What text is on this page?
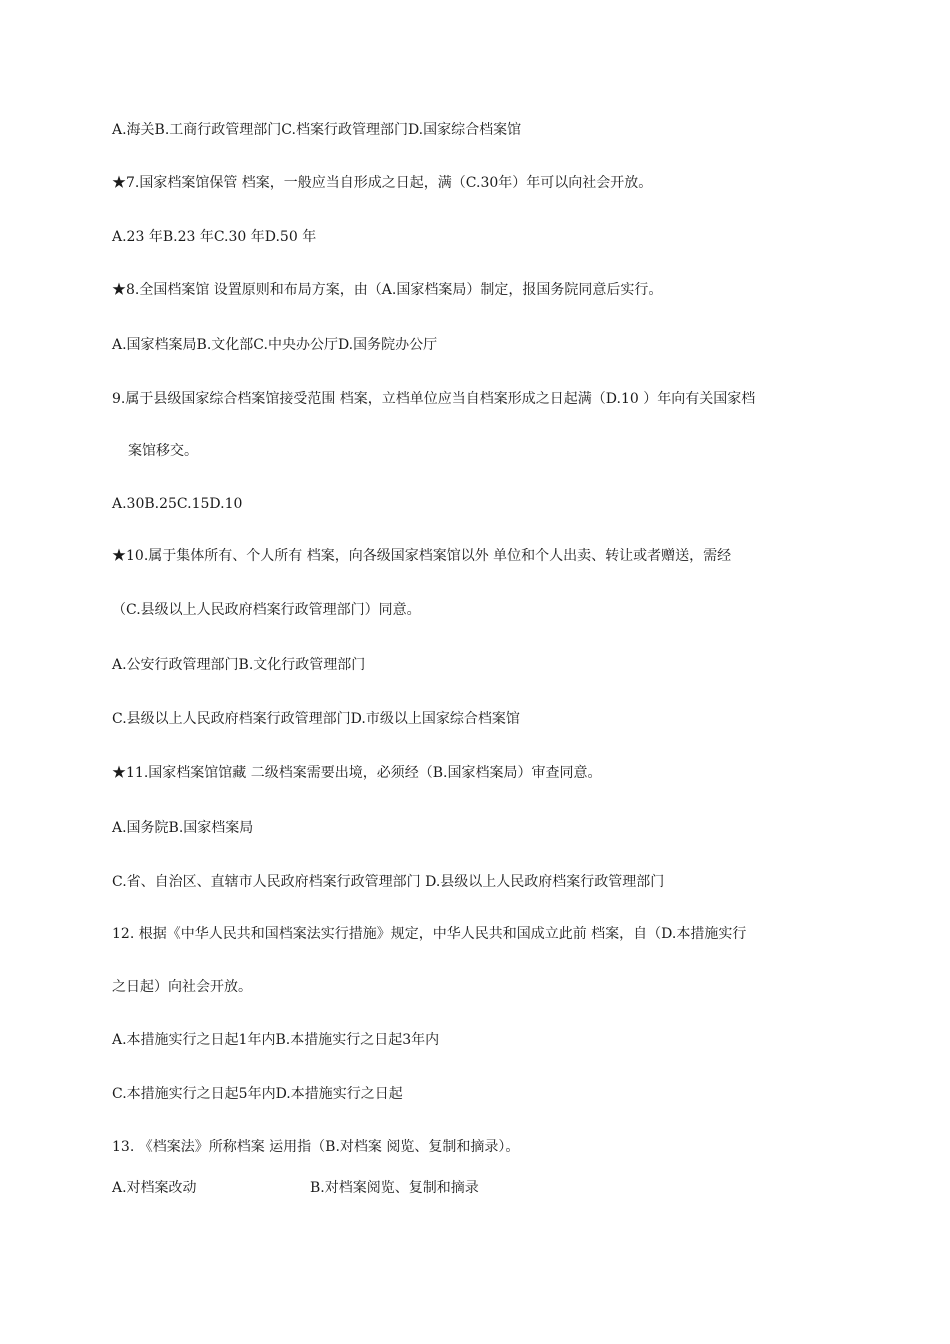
A.海关B.工商行政管理部门C.档案行政管理部门D.国家综合档案馆
★7.国家档案馆保管 档案，一般应当自形成之日起，满（C.30年）年可以向社会开放。
A.23 年B.23 年C.30 年D.50 年
★8.全国档案馆 设置原则和布局方案，由（A.国家档案局）制定，报国务院同意后实行。
A.国家档案局B.文化部C.中央办公厅D.国务院办公厅
9.属于县级国家综合档案馆接受范围 档案，立档单位应当自档案形成之日起满（D.10 ）年向有关国家档
案馆移交。
A.30B.25C.15D.10
★10.属于集体所有、个人所有 档案，向各级国家档案馆以外 单位和个人出卖、转让或者赠送，需经
（C.县级以上人民政府档案行政管理部门）同意。
A.公安行政管理部门B.文化行政管理部门
C.县级以上人民政府档案行政管理部门D.市级以上国家综合档案馆
★11.国家档案馆馆藏 二级档案需要出境，必须经（B.国家档案局）审查同意。
A.国务院B.国家档案局
C.省、自治区、直辖市人民政府档案行政管理部门 D.县级以上人民政府档案行政管理部门
12. 根据《中华人民共和国档案法实行措施》规定，中华人民共和国成立此前 档案，自（D.本措施实行
之日起）向社会开放。
A.本措施实行之日起1年内B.本措施实行之日起3年内
C.本措施实行之日起5年内D.本措施实行之日起
13. 《档案法》所称档案 运用指（B.对档案 阅览、复制和摘录）。
A.对档案改动	B.对档案阅览、复制和摘录
